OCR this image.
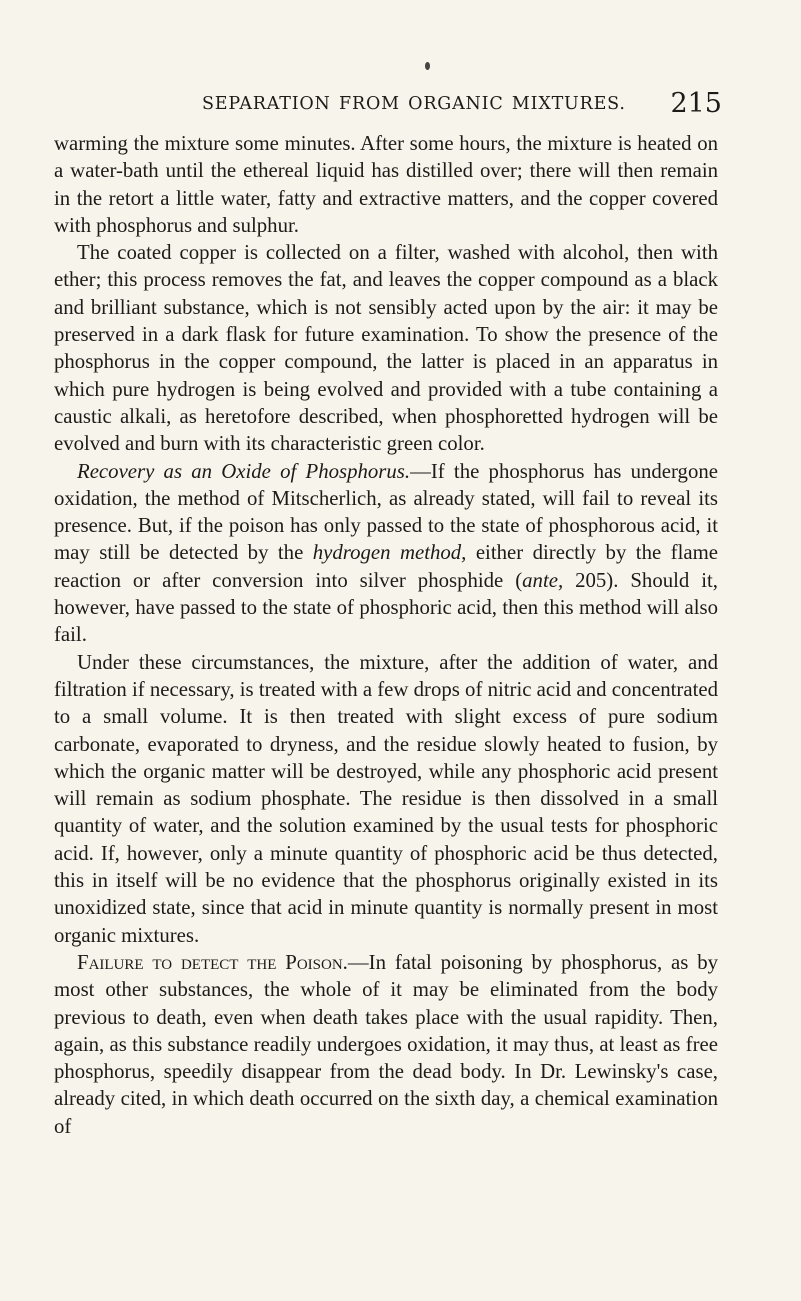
SEPARATION FROM ORGANIC MIXTURES. 215

warming the mixture some minutes. After some hours, the mixture is heated on a water-bath until the ethereal liquid has distilled over; there will then remain in the retort a little water, fatty and extractive matters, and the copper covered with phosphorus and sulphur.

The coated copper is collected on a filter, washed with alcohol, then with ether; this process removes the fat, and leaves the copper compound as a black and brilliant substance, which is not sensibly acted upon by the air: it may be preserved in a dark flask for future examination. To show the presence of the phosphorus in the copper compound, the latter is placed in an apparatus in which pure hydrogen is being evolved and provided with a tube containing a caustic alkali, as heretofore described, when phosphoretted hydrogen will be evolved and burn with its characteristic green color.

Recovery as an Oxide of Phosphorus.—If the phosphorus has undergone oxidation, the method of Mitscherlich, as already stated, will fail to reveal its presence. But, if the poison has only passed to the state of phosphorous acid, it may still be detected by the hydrogen method, either directly by the flame reaction or after conversion into silver phosphide (ante, 205). Should it, however, have passed to the state of phosphoric acid, then this method will also fail.

Under these circumstances, the mixture, after the addition of water, and filtration if necessary, is treated with a few drops of nitric acid and concentrated to a small volume. It is then treated with slight excess of pure sodium carbonate, evaporated to dryness, and the residue slowly heated to fusion, by which the organic matter will be destroyed, while any phosphoric acid present will remain as sodium phosphate. The residue is then dissolved in a small quantity of water, and the solution examined by the usual tests for phosphoric acid. If, however, only a minute quantity of phosphoric acid be thus detected, this in itself will be no evidence that the phosphorus originally existed in its unoxidized state, since that acid in minute quantity is normally present in most organic mixtures.

Failure to detect the Poison.—In fatal poisoning by phosphorus, as by most other substances, the whole of it may be eliminated from the body previous to death, even when death takes place with the usual rapidity. Then, again, as this substance readily undergoes oxidation, it may thus, at least as free phosphorus, speedily disappear from the dead body. In Dr. Lewinsky's case, already cited, in which death occurred on the sixth day, a chemical examination of
